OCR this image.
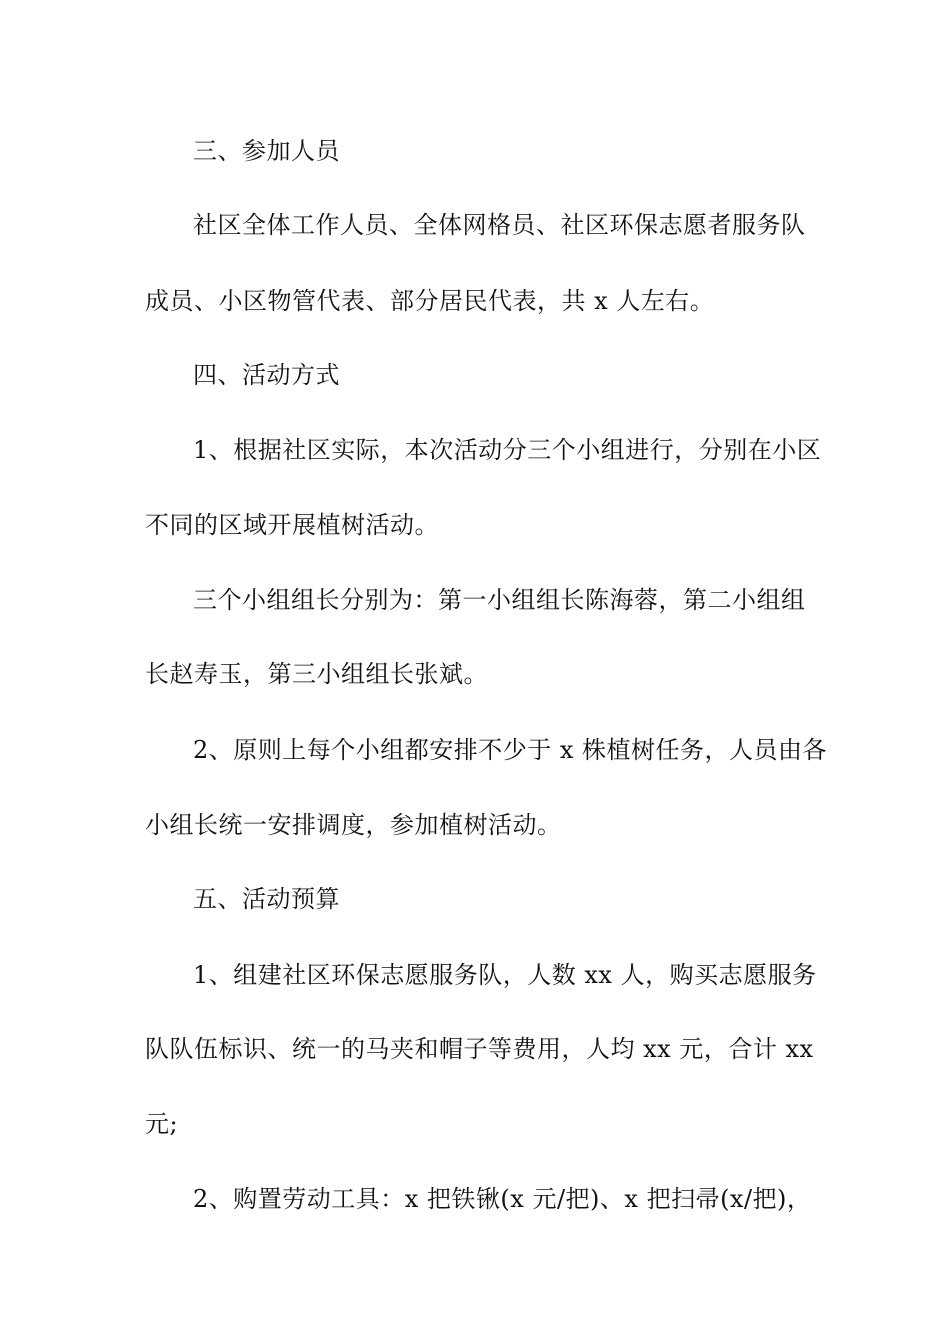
三、参加人员
社区全体工作人员、全体网格员、社区环保志愿者服务队
成员、小区物管代表、部分居民代表，共 x 人左右。
四、活动方式
1、根据社区实际，本次活动分三个小组进行，分别在小区
不同的区域开展植树活动。
三个小组组长分别为：第一小组组长陈海蓉，第二小组组
长赵寿玉，第三小组组长张斌。
2、原则上每个小组都安排不少于 x 株植树任务，人员由各
小组长统一安排调度，参加植树活动。
五、活动预算
1、组建社区环保志愿服务队，人数 xx 人，购买志愿服务
队队伍标识、统一的马夹和帽子等费用，人均 xx 元，合计 xx
元;
2、购置劳动工具：x 把铁锹(x 元/把)、x 把扫帚(x/把)，
